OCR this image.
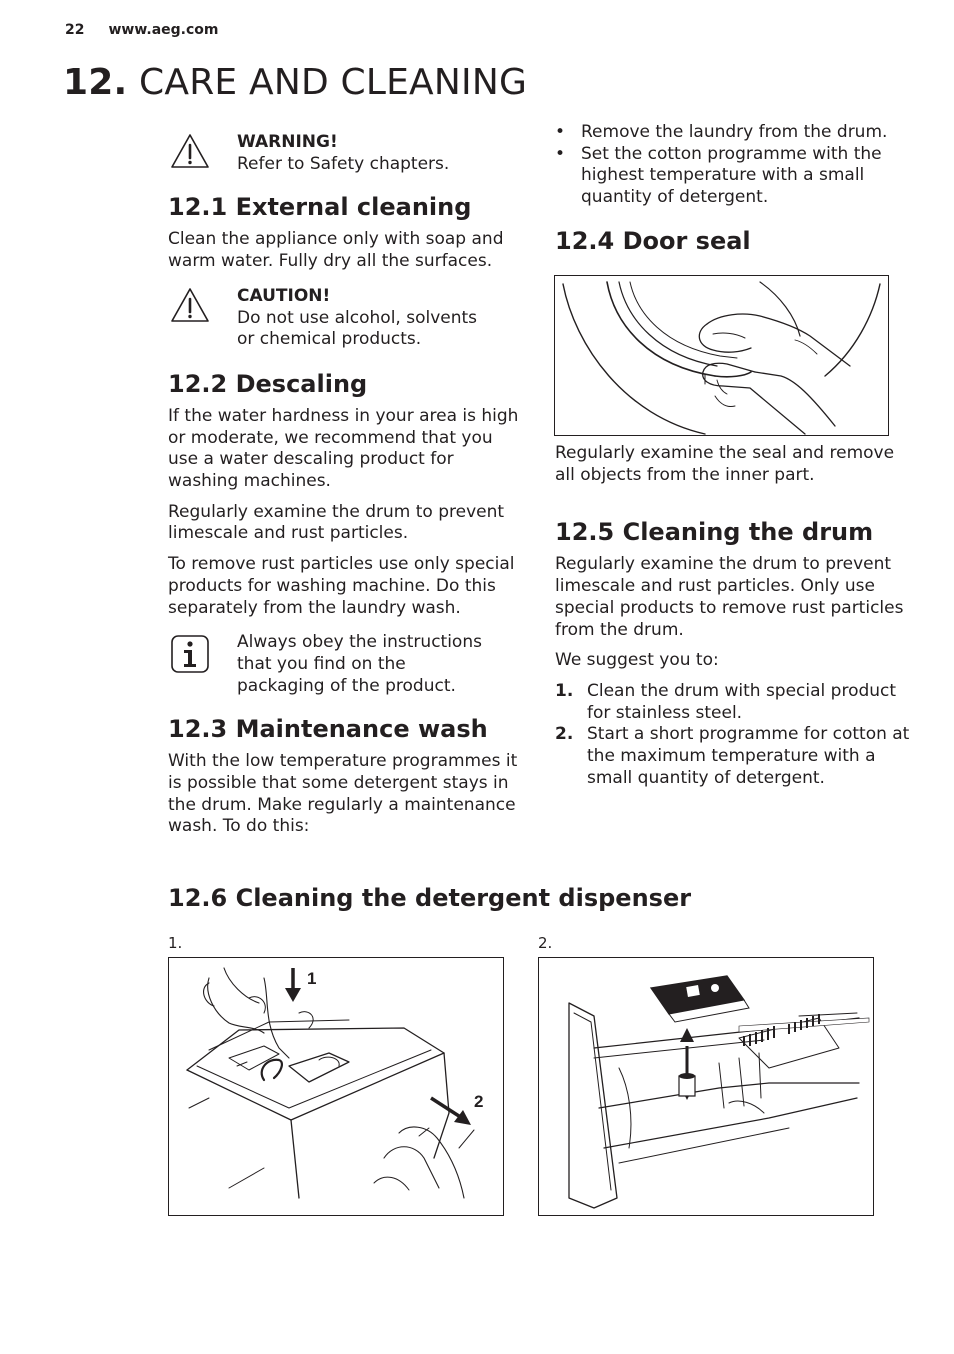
22 www.aeg.com
12. CARE AND CLEANING
WARNING!
Refer to Safety chapters.
12.1 External cleaning

Clean the appliance only with soap and warm water. Fully dry all the surfaces.

CAUTION!
Do not use alcohol, solvents
or chemical products.
12.2 Descaling

If the water hardness in your area is high or moderate, we recommend that you use a water descaling product for washing machines.

Regularly examine the drum to prevent limescale and rust particles.

To remove rust particles use only special products for washing machine. Do this separately from the laundry wash.

Always obey the instructions
that you find on the
packaging of the product.
12.3 Maintenance wash

With the low temperature programmes it is possible that some detergent stays in the drum. Make regularly a maintenance wash. To do this:

• Remove the laundry from the drum.
• Set the cotton programme with the highest temperature with a small quantity of detergent.
12.4 Door seal

Regularly examine the seal and remove all objects from the inner part.

12.5 Cleaning the drum

Regularly examine the drum to prevent limescale and rust particles. Only use special products to remove rust particles from the drum.

We suggest you to:

1. Clean the drum with special product for stainless steel.
2. Start a short programme for cotton at the maximum temperature with a small quantity of detergent.
12.6 Cleaning the detergent dispenser
1.	2.
1
2
